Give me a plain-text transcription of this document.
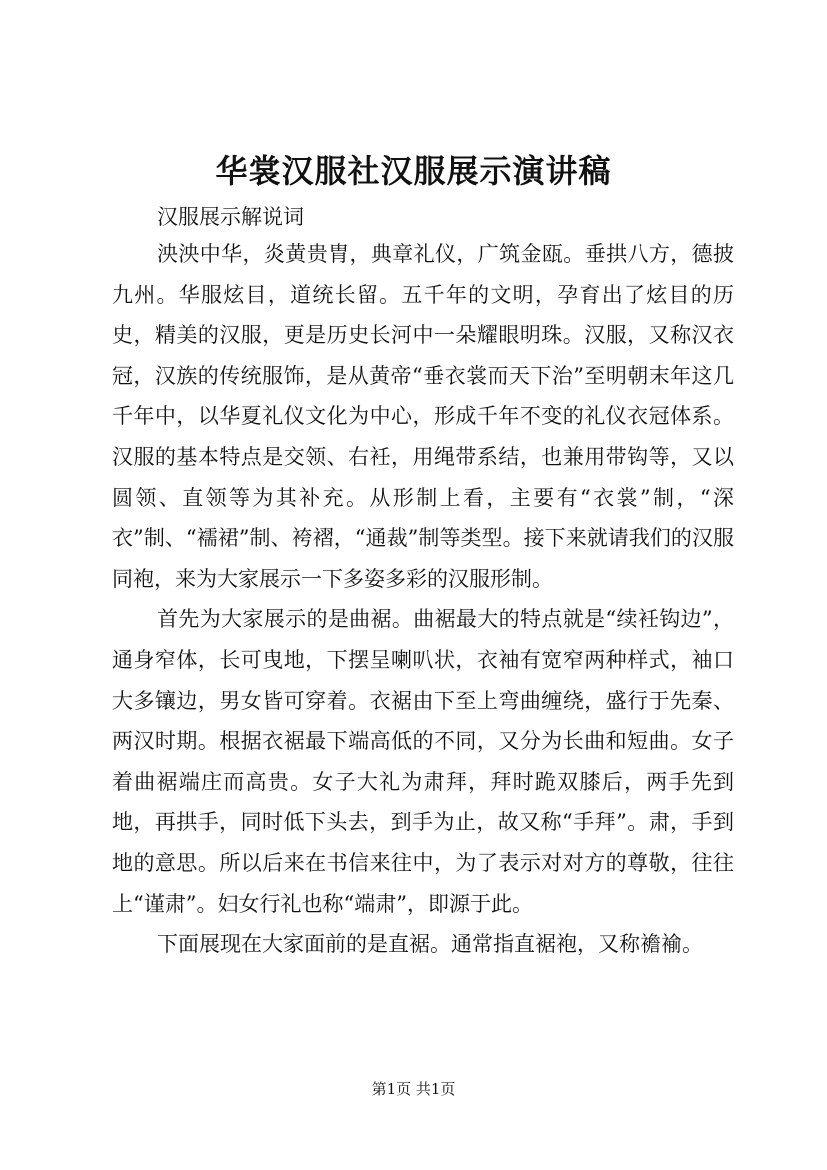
华裳汉服社汉服展示演讲稿
汉服展示解说词

泱泱中华，炎黄贵胄，典章礼仪，广筑金瓯。垂拱八方，德披九州。华服炫目，道统长留。五千年的文明，孕育出了炫目的历史，精美的汉服，更是历史长河中一朵耀眼明珠。汉服，又称汉衣冠，汉族的传统服饰，是从黄帝“垂衣裳而天下治”至明朝末年这几千年中，以华夏礼仪文化为中心，形成千年不变的礼仪衣冠体系。汉服的基本特点是交领、右衽，用绳带系结，也兼用带钩等，又以圆领、直领等为其补充。从形制上看，主要有“衣裳”制，“深衣”制、“襦裙”制、袴褶，“通裁”制等类型。接下来就请我们的汉服同袍，来为大家展示一下多姿多彩的汉服形制。

首先为大家展示的是曲裾。曲裾最大的特点就是“续衽钩边”，通身窄体，长可曳地，下摆呈喇叭状，衣袖有宽窄两种样式，袖口大多镶边，男女皆可穿着。衣裾由下至上弯曲缠绕，盛行于先秦、两汉时期。根据衣裾最下端高低的不同，又分为长曲和短曲。女子着曲裾端庄而高贵。女子大礼为肃拜，拜时跪双膝后，两手先到地，再拱手，同时低下头去，到手为止，故又称“手拜”。肃，手到地的意思。所以后来在书信来往中，为了表示对对方的尊敬，往往上“谨肃”。妇女行礼也称“端肃”，即源于此。

下面展现在大家面前的是直裾。通常指直裾袍，又称襜褕。

第1页 共1页
